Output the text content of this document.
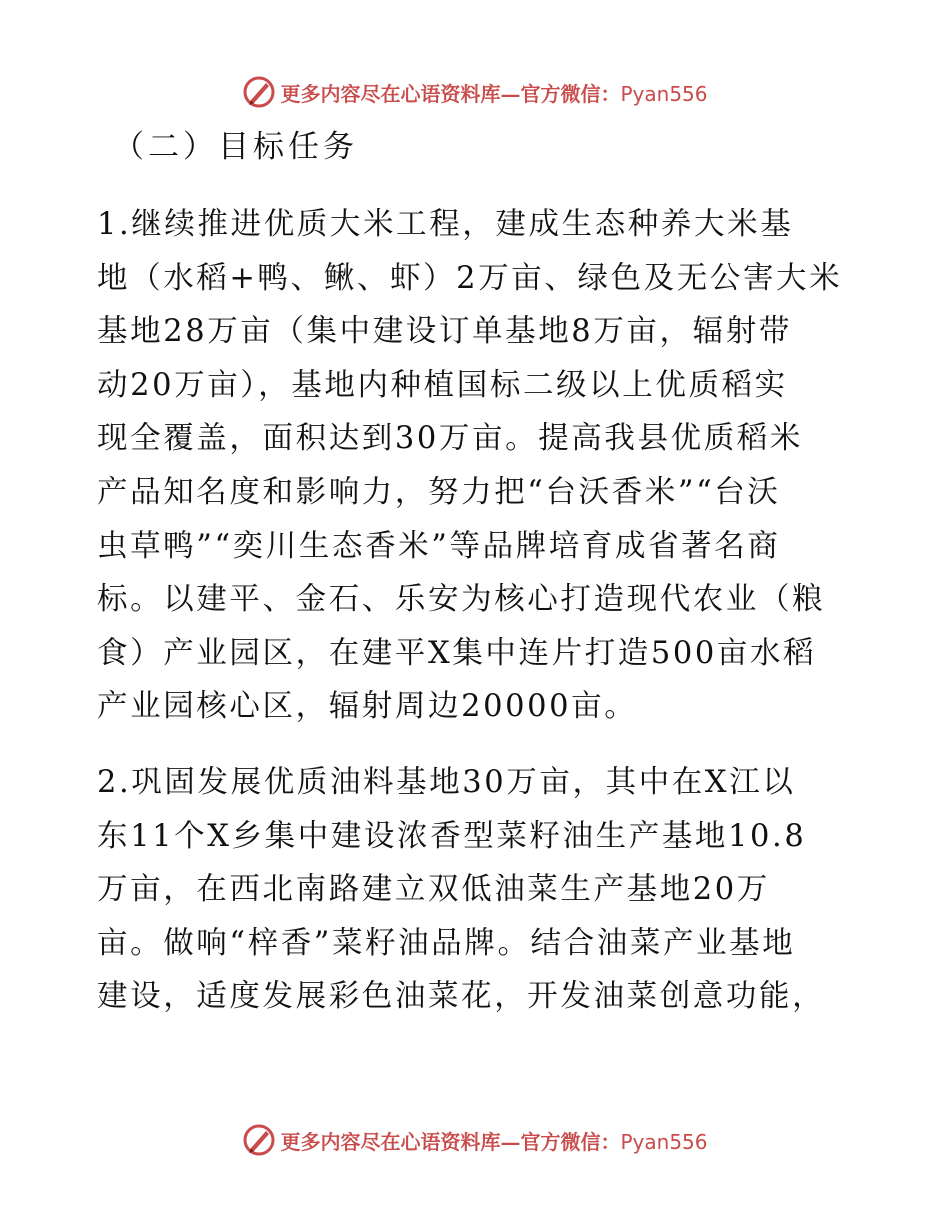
更多内容尽在心语资料库—官方微信：Pyan556
（二）目标任务
1.继续推进优质大米工程，建成生态种养大米基
地（水稻+鸭、鳅、虾）2万亩、绿色及无公害大米
基地28万亩（集中建设订单基地8万亩，辐射带
动20万亩），基地内种植国标二级以上优质稻实
现全覆盖，面积达到30万亩。提高我县优质稻米
产品知名度和影响力，努力把“台沃香米”“台沃
虫草鸭”“奕川生态香米”等品牌培育成省著名商
标。以建平、金石、乐安为核心打造现代农业（粮
食）产业园区，在建平X集中连片打造500亩水稻
产业园核心区，辐射周边20000亩。
2.巩固发展优质油料基地30万亩，其中在X江以
东11个X乡集中建设浓香型菜籽油生产基地10.8
万亩，在西北南路建立双低油菜生产基地20万
亩。做响“梓香”菜籽油品牌。结合油菜产业基地
建设，适度发展彩色油菜花，开发油菜创意功能，
更多内容尽在心语资料库—官方微信：Pyan556
